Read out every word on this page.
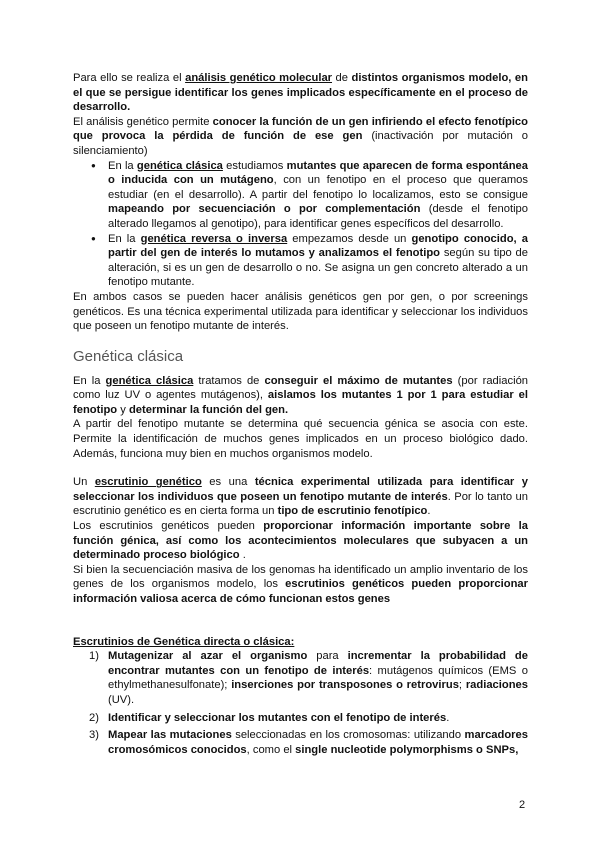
Para ello se realiza el análisis genético molecular de distintos organismos modelo, en el que se persigue identificar los genes implicados específicamente en el proceso de desarrollo.

El análisis genético permite conocer la función de un gen infiriendo el efecto fenotípico que provoca la pérdida de función de ese gen (inactivación por mutación o silenciamiento)

● En la genética clásica estudiamos mutantes que aparecen de forma espontánea o inducida con un mutágeno, con un fenotipo en el proceso que queramos estudiar (en el desarrollo). A partir del fenotipo lo localizamos, esto se consigue mapeando por secuenciación o por complementación (desde el fenotipo alterado llegamos al genotipo), para identificar genes específicos del desarrollo.
● En la genética reversa o inversa empezamos desde un genotipo conocido, a partir del gen de interés lo mutamos y analizamos el fenotipo según su tipo de alteración, si es un gen de desarrollo o no. Se asigna un gen concreto alterado a un fenotipo mutante.

En ambos casos se pueden hacer análisis genéticos gen por gen, o por screenings genéticos. Es una técnica experimental utilizada para identificar y seleccionar los individuos que poseen un fenotipo mutante de interés.

Genética clásica

En la genética clásica tratamos de conseguir el máximo de mutantes (por radiación como luz UV o agentes mutágenos), aislamos los mutantes 1 por 1 para estudiar el fenotipo y determinar la función del gen.

A partir del fenotipo mutante se determina qué secuencia génica se asocia con este. Permite la identificación de muchos genes implicados en un proceso biológico dado. Además, funciona muy bien en muchos organismos modelo.

Un escrutinio genético es una técnica experimental utilizada para identificar y seleccionar los individuos que poseen un fenotipo mutante de interés. Por lo tanto un escrutinio genético es en cierta forma un tipo de escrutinio fenotípico.

Los escrutinios genéticos pueden proporcionar información importante sobre la función génica, así como los acontecimientos moleculares que subyacen a un determinado proceso biológico .

Si bien la secuenciación masiva de los genomas ha identificado un amplio inventario de los genes de los organismos modelo, los escrutinios genéticos pueden proporcionar información valiosa acerca de cómo funcionan estos genes

Escrutinios de Genética directa o clásica:

1) Mutagenizar al azar el organismo para incrementar la probabilidad de encontrar mutantes con un fenotipo de interés: mutágenos químicos (EMS o ethylmethanesulfonate); inserciones por transposones o retrovirus; radiaciones (UV).
2) Identificar y seleccionar los mutantes con el fenotipo de interés.
3) Mapear las mutaciones seleccionadas en los cromosomas: utilizando marcadores cromosómicos conocidos, como el single nucleotide polymorphisms o SNPs,
2
